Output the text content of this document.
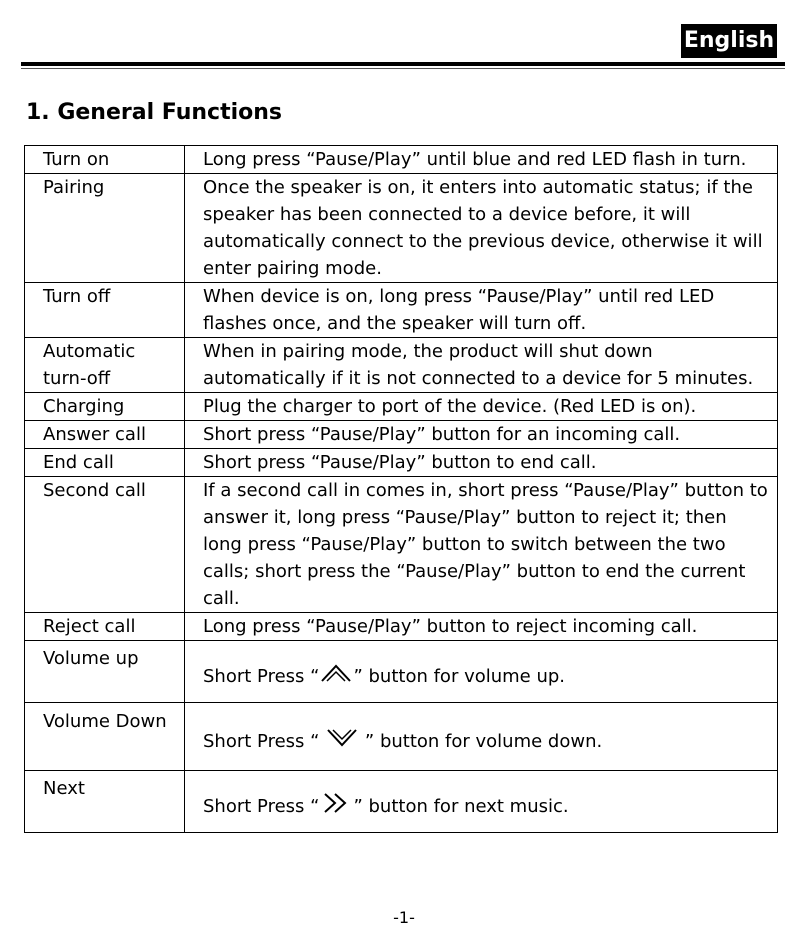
English
1. General Functions
Turn on	Long press “Pause/Play” until blue and red LED flash in turn.
Pairing	Once the speaker is on, it enters into automatic status; if the speaker has been connected to a device before, it will automatically connect to the previous device, otherwise it will enter pairing mode.
Turn off	When device is on, long press “Pause/Play” until red LED flashes once, and the speaker will turn off.
Automatic turn-off	When in pairing mode, the product will shut down automatically if it is not connected to a device for 5 minutes.
Charging	Plug the charger to port of the device. (Red LED is on).
Answer call	Short press “Pause/Play” button for an incoming call.
End call	Short press “Pause/Play” button to end call.
Second call	If a second call in comes in, short press “Pause/Play” button to answer it, long press “Pause/Play” button to reject it; then long press “Pause/Play” button to switch between the two calls; short press the “Pause/Play” button to end the current call.
Reject call	Long press “Pause/Play” button to reject incoming call.
Volume up	Short Press “ ” button for volume up.
Volume Down	Short Press “  ” button for volume down.
Next	Short Press “ ” button for next music.
-1-
